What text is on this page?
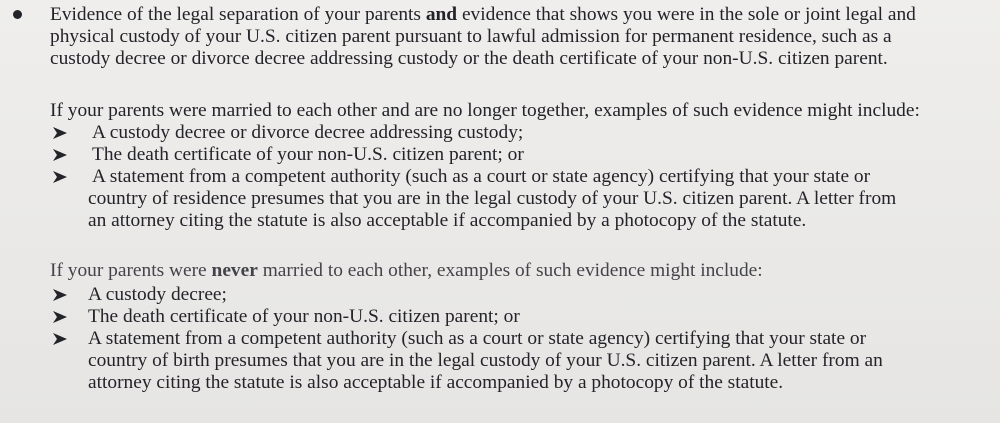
Evidence of the legal separation of your parents and evidence that shows you were in the sole or joint legal and
physical custody of your U.S. citizen parent pursuant to lawful admission for permanent residence, such as a
custody decree or divorce decree addressing custody or the death certificate of your non-U.S. citizen parent.
If your parents were married to each other and are no longer together, examples of such evidence might include:
A custody decree or divorce decree addressing custody;
The death certificate of your non-U.S. citizen parent; or
A statement from a competent authority (such as a court or state agency) certifying that your state or
country of residence presumes that you are in the legal custody of your U.S. citizen parent. A letter from
an attorney citing the statute is also acceptable if accompanied by a photocopy of the statute.
If your parents were never married to each other, examples of such evidence might include:
A custody decree;
The death certificate of your non-U.S. citizen parent; or
A statement from a competent authority (such as a court or state agency) certifying that your state or
country of birth presumes that you are in the legal custody of your U.S. citizen parent. A letter from an
attorney citing the statute is also acceptable if accompanied by a photocopy of the statute.
